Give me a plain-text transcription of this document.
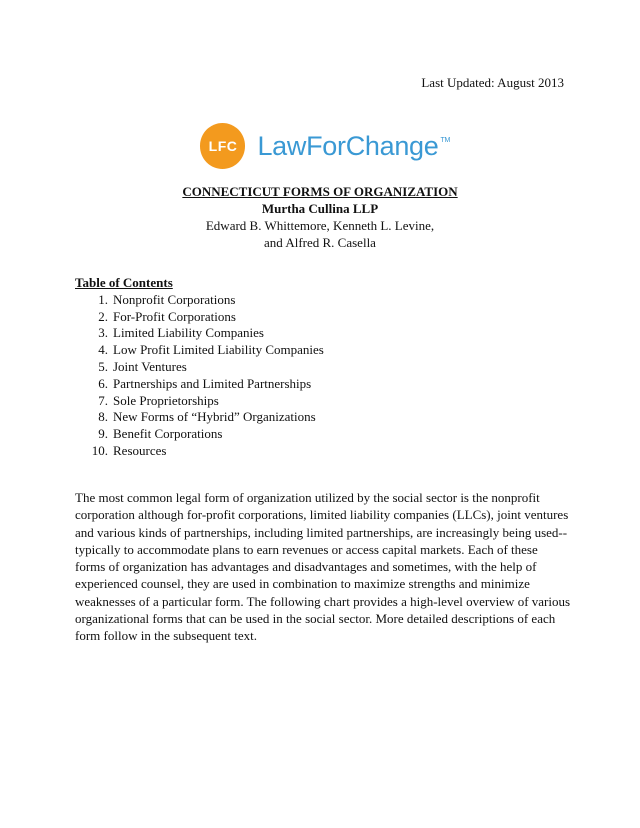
Last Updated: August 2013
LFC Law For Change TM
CONNECTICUT FORMS OF ORGANIZATION
Murtha Cullina LLP
Edward B. Whittemore, Kenneth L. Levine,
and Alfred R. Casella
Table of Contents
1. Nonprofit Corporations
2. For-Profit Corporations
3. Limited Liability Companies
4. Low Profit Limited Liability Companies
5. Joint Ventures
6. Partnerships and Limited Partnerships
7. Sole Proprietorships
8. New Forms of “Hybrid” Organizations
9. Benefit Corporations
10. Resources

The most common legal form of organization utilized by the social sector is the nonprofit corporation although for-profit corporations, limited liability companies (LLCs), joint ventures and various kinds of partnerships, including limited partnerships, are increasingly being used--typically to accommodate plans to earn revenues or access capital markets. Each of these forms of organization has advantages and disadvantages and sometimes, with the help of experienced counsel, they are used in combination to maximize strengths and minimize weaknesses of a particular form. The following chart provides a high-level overview of various organizational forms that can be used in the social sector. More detailed descriptions of each form follow in the subsequent text.
